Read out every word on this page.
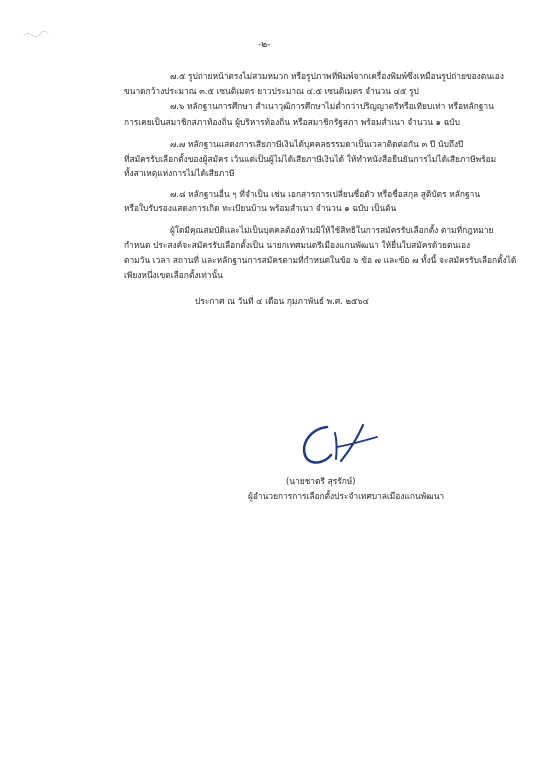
-๒-
๗.๕ รูปถ่ายหน้าตรงไม่สวมหมวก หรือรูปภาพที่พิมพ์จากเครื่องพิมพ์ซึ่งเหมือนรูปถ่ายของตนเอง
ขนาดกว้างประมาณ ๓.๕ เซนติเมตร ยาวประมาณ ๔.๕ เซนติเมตร จำนวน ๔๕ รูป
๗.๖ หลักฐานการศึกษา สำเนาวุฒิการศึกษาไม่ต่ำกว่าปริญญาตรีหรือเทียบเท่า หรือหลักฐาน
การเคยเป็นสมาชิกสภาท้องถิ่น ผู้บริหารท้องถิ่น หรือสมาชิกรัฐสภา พร้อมสำเนา จำนวน ๑ ฉบับ
๗.๗ หลักฐานแสดงการเสียภาษีเงินได้บุคคลธรรมดาเป็นเวลาติดต่อกัน ๓ ปี นับถึงปี
ที่สมัครรับเลือกตั้งของผู้สมัคร เว้นแต่เป็นผู้ไม่ได้เสียภาษีเงินได้ ให้ทำหนังสือยืนยันการไม่ได้เสียภาษีพร้อม
ทั้งสาเหตุแห่งการไม่ได้เสียภาษี
๗.๘ หลักฐานอื่น ๆ ที่จำเป็น เช่น เอกสารการเปลี่ยนชื่อตัว หรือชื่อสกุล สูติบัตร หลักฐาน
หรือใบรับรองแสดงการเกิด ทะเบียนบ้าน พร้อมสำเนา จำนวน ๑ ฉบับ เป็นต้น
ผู้ใดมีคุณสมบัติและไม่เป็นบุคคลต้องห้ามมิให้ใช้สิทธิในการสมัครรับเลือกตั้ง ตามที่กฎหมาย
กำหนด ประสงค์จะสมัครรับเลือกตั้งเป็น นายกเทศมนตรีเมืองแกนพัฒนา ให้ยื่นใบสมัครด้วยตนเอง
ตามวัน เวลา สถานที่ และหลักฐานการสมัครตามที่กำหนดในข้อ ๖ ข้อ ๗ และข้อ ๗ ทั้งนี้ จะสมัครรับเลือกตั้งได้
เพียงหนึ่งเขตเลือกตั้งเท่านั้น
ประกาศ ณ วันที่ ๔ เดือน กุมภาพันธ์ พ.ศ. ๒๕๖๔
(นายชาตรี สุรรักษ์)
ผู้อำนวยการการเลือกตั้งประจำเทศบาลเมืองแกนพัฒนา
